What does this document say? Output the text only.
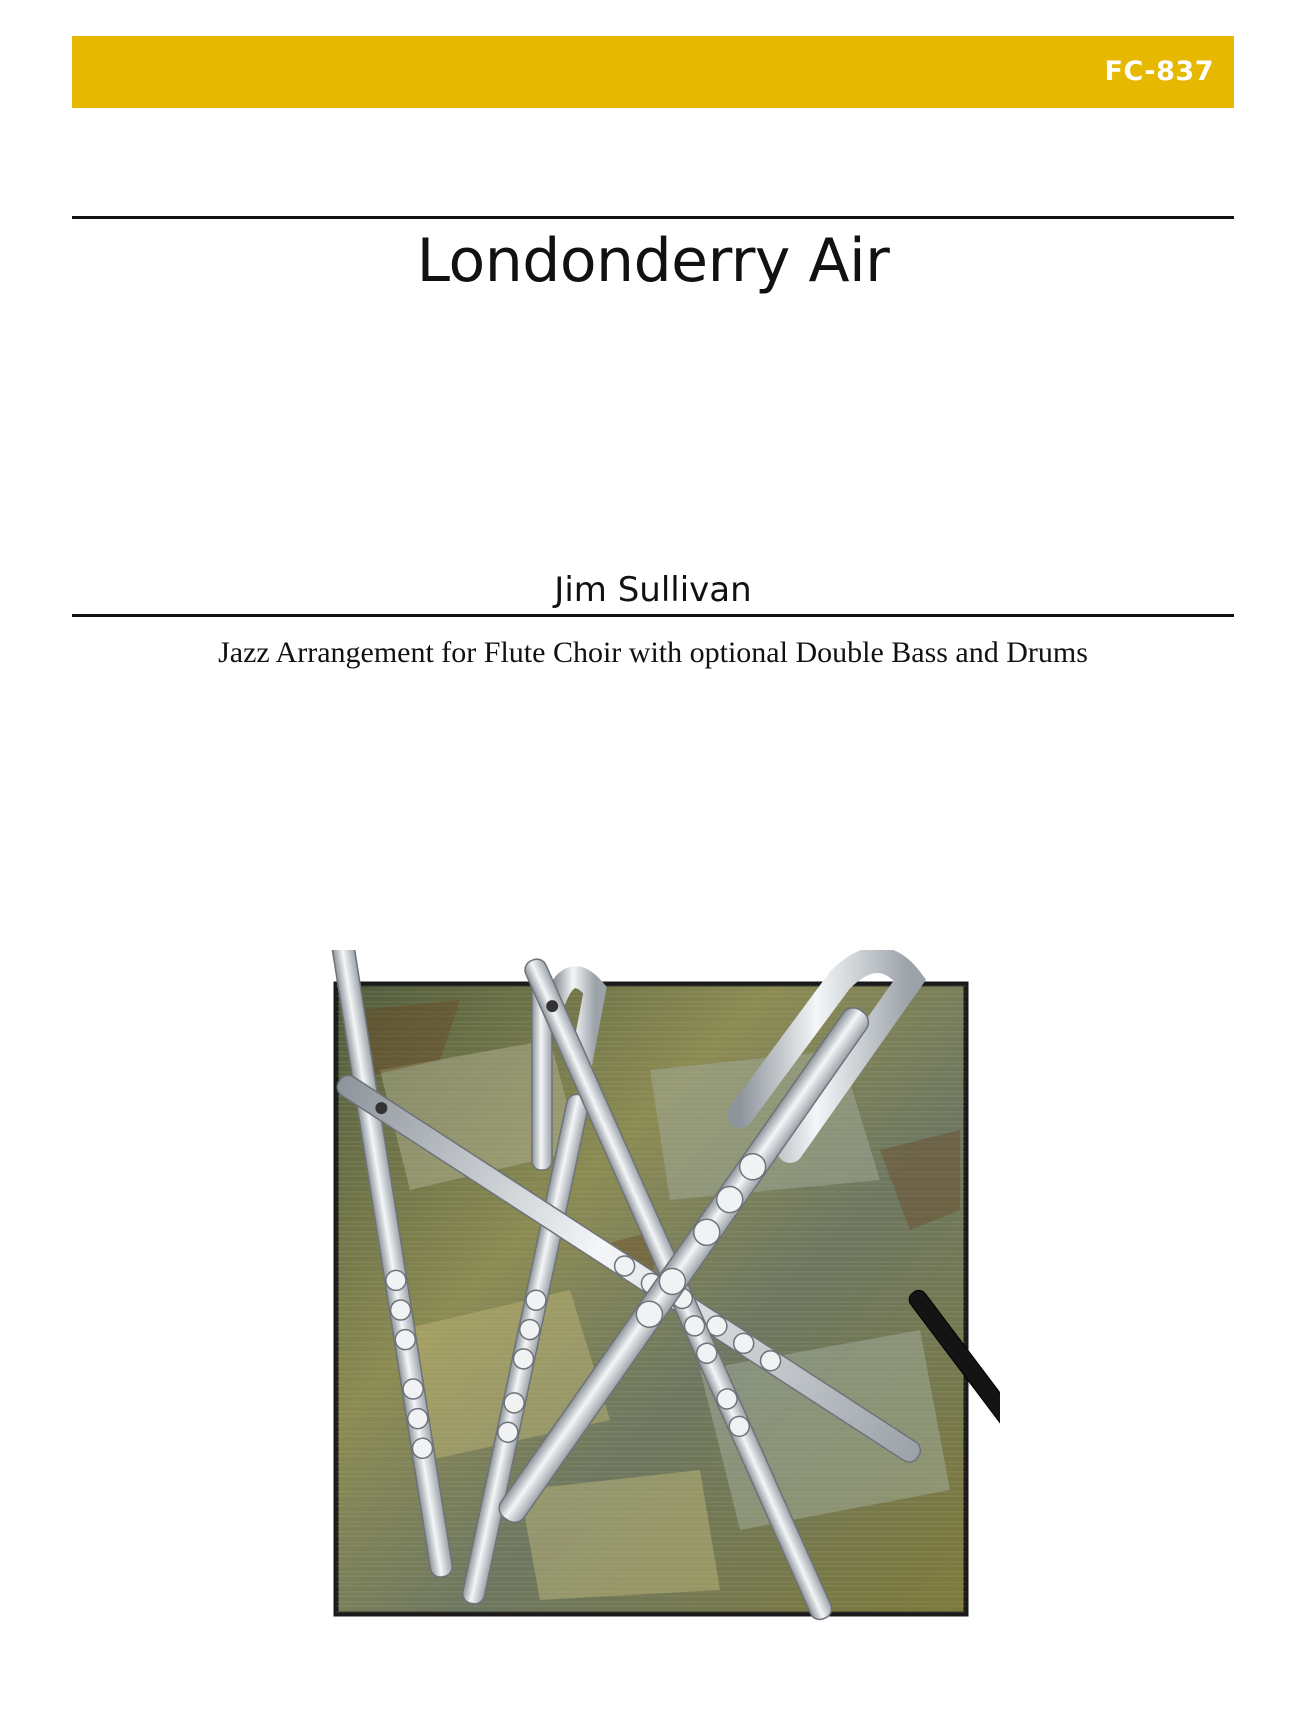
FC-837
Londonderry Air
Jim Sullivan
Jazz Arrangement for Flute Choir with optional Double Bass and Drums
